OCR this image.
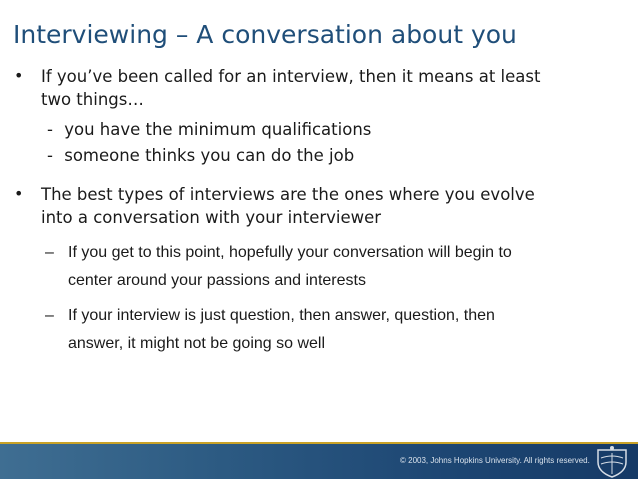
Interviewing – A conversation about you
• If you’ve been called for an interview, then it means at least
two things…
- you have the minimum qualifications
- someone thinks you can do the job
• The best types of interviews are the ones where you evolve
into a conversation with your interviewer
– If you get to this point, hopefully your conversation will begin to
center around your passions and interests
– If your interview is just question, then answer, question, then
answer, it might not be going so well
© 2003, Johns Hopkins University. All rights reserved.
